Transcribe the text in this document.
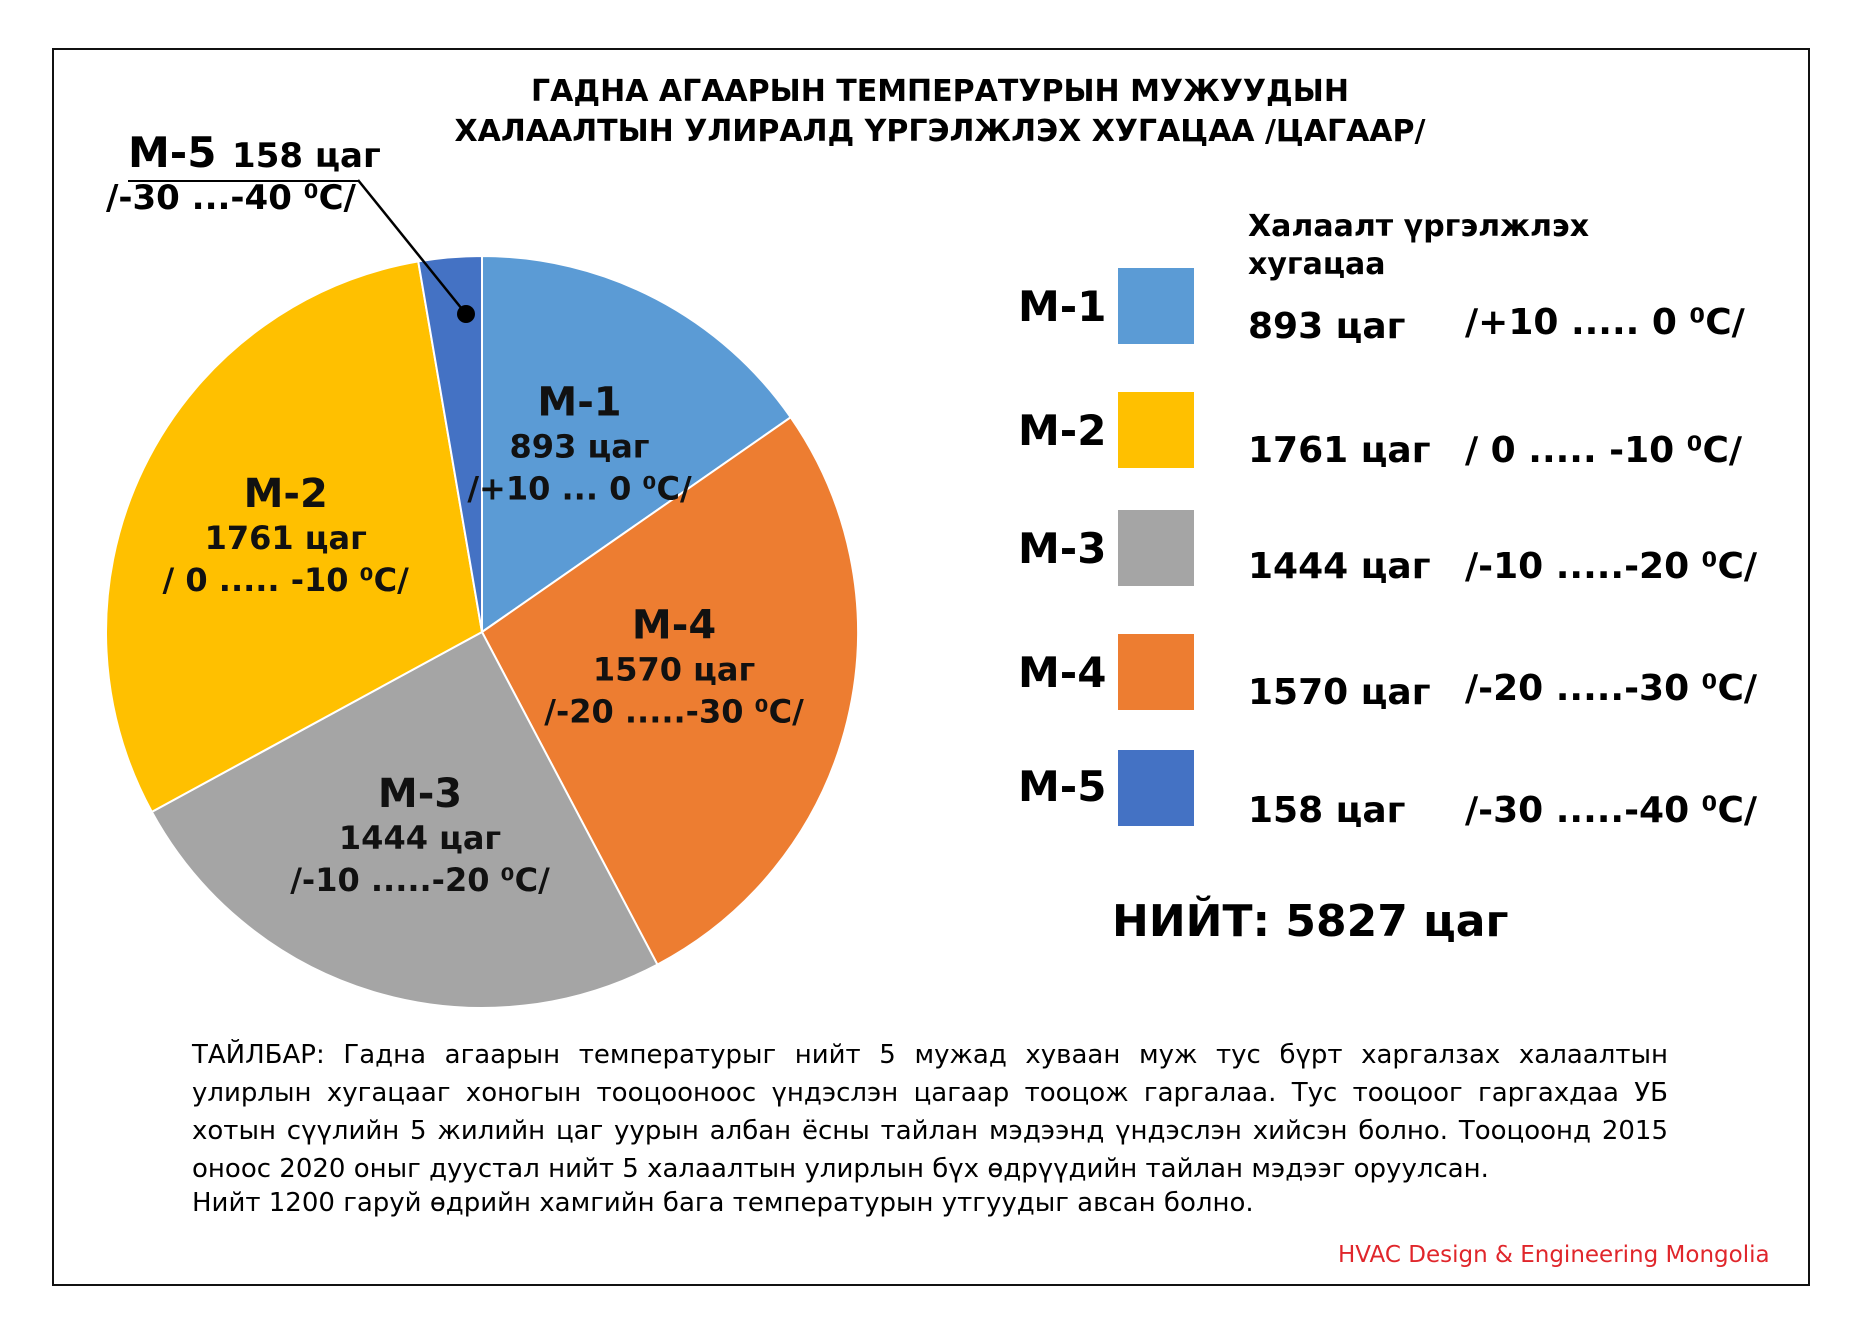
ГАДНА АГААРЫН ТЕМПЕРАТУРЫН МУЖУУДЫН
ХАЛААЛТЫН УЛИРАЛД ҮРГЭЛЖЛЭХ ХУГАЦАА /ЦАГААР/
М-1
893 цаг
/+10 ... 0 ⁰С/
М-4
1570 цаг
/-20 .....-30 ⁰С/
М-3
1444 цаг
/-10 .....-20 ⁰С/
М-2
1761 цаг
/ 0 ..... -10 ⁰С/
М-5 158 цаг
/-30 ...-40 ⁰С/
Халаалт үргэлжлэх
хугацаа
М-1	893 цаг /+10 ..... 0 ⁰С/
М-2	1761 цаг / 0 ..... -10 ⁰С/
М-3	1444 цаг /-10 .....-20 ⁰С/
М-4	1570 цаг /-20 .....-30 ⁰С/
М-5	158 цаг /-30 .....-40 ⁰С/
НИЙТ: 5827 цаг
ТАЙЛБАР: Гадна агаарын температурыг нийт 5 мужад хуваан муж тус бүрт харгалзах халаалтын улирлын хугацааг хоногын тооцооноос үндэслэн цагаар тооцож гаргалаа. Тус тооцоог гаргахдаа УБ хотын сүүлийн 5 жилийн цаг уурын албан ёсны тайлан мэдээнд үндэслэн хийсэн болно. Тооцоонд 2015 оноос 2020 оныг дуустал нийт 5 халаалтын улирлын бүх өдрүүдийн тайлан мэдээг оруулсан.
Нийт 1200 гаруй өдрийн хамгийн бага температурын утгуудыг авсан болно.
HVAC Design & Engineering Mongolia
